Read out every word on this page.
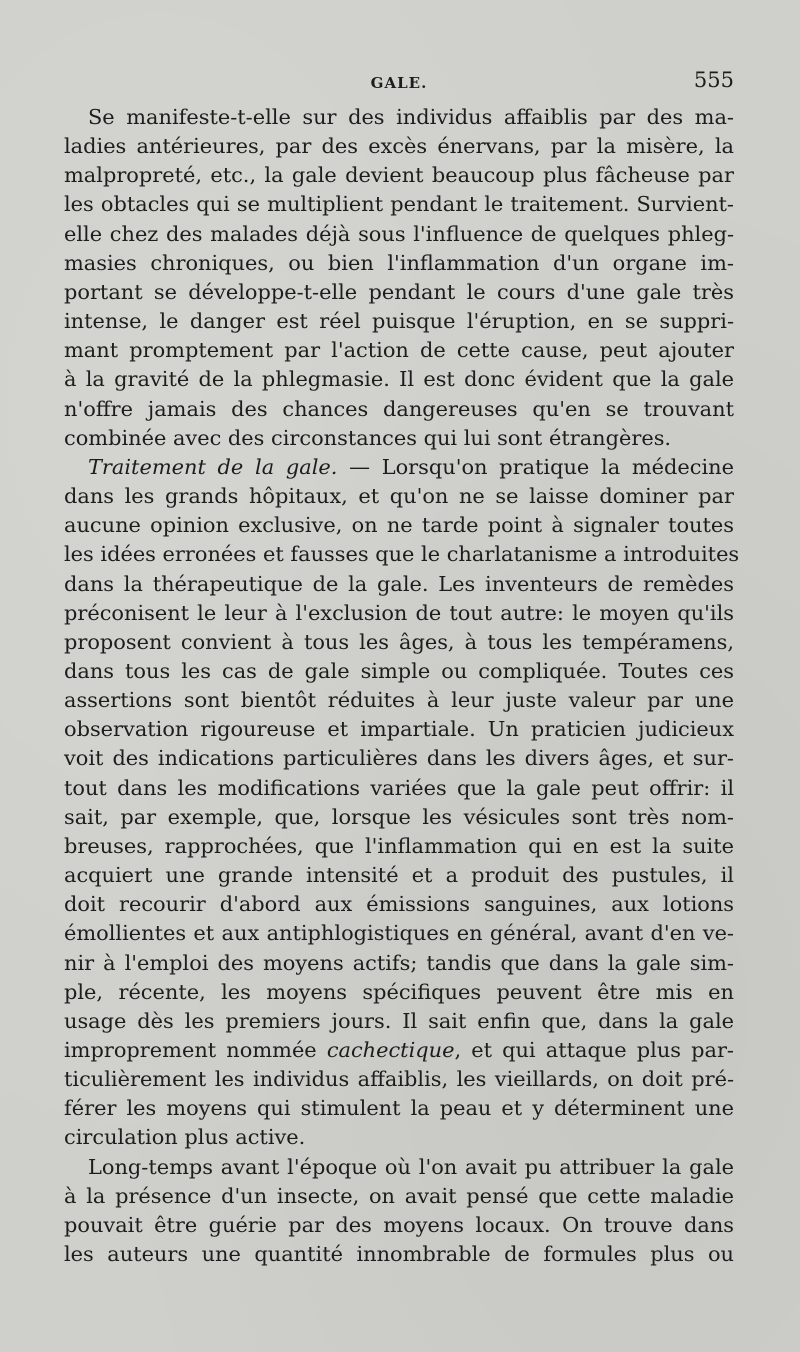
GALE.	555
Se manifeste-t-elle sur des individus affaiblis par des ma-
ladies antérieures, par des excès énervans, par la misère, la
malpropreté, etc., la gale devient beaucoup plus fâcheuse par
les obtacles qui se multiplient pendant le traitement. Survient-
elle chez des malades déjà sous l'influence de quelques phleg-
masies chroniques, ou bien l'inflammation d'un organe im-
portant se développe-t-elle pendant le cours d'une gale très
intense, le danger est réel puisque l'éruption, en se suppri-
mant promptement par l'action de cette cause, peut ajouter
à la gravité de la phlegmasie. Il est donc évident que la gale
n'offre jamais des chances dangereuses qu'en se trouvant
combinée avec des circonstances qui lui sont étrangères.
Traitement de la gale. — Lorsqu'on pratique la médecine
dans les grands hôpitaux, et qu'on ne se laisse dominer par
aucune opinion exclusive, on ne tarde point à signaler toutes
les idées erronées et fausses que le charlatanisme a introduites
dans la thérapeutique de la gale. Les inventeurs de remèdes
préconisent le leur à l'exclusion de tout autre: le moyen qu'ils
proposent convient à tous les âges, à tous les tempéramens,
dans tous les cas de gale simple ou compliquée. Toutes ces
assertions sont bientôt réduites à leur juste valeur par une
observation rigoureuse et impartiale. Un praticien judicieux
voit des indications particulières dans les divers âges, et sur-
tout dans les modifications variées que la gale peut offrir: il
sait, par exemple, que, lorsque les vésicules sont très nom-
breuses, rapprochées, que l'inflammation qui en est la suite
acquiert une grande intensité et a produit des pustules, il
doit recourir d'abord aux émissions sanguines, aux lotions
émollientes et aux antiphlogistiques en général, avant d'en ve-
nir à l'emploi des moyens actifs; tandis que dans la gale sim-
ple, récente, les moyens spécifiques peuvent être mis en
usage dès les premiers jours. Il sait enfin que, dans la gale
improprement nommée cachectique, et qui attaque plus par-
ticulièrement les individus affaiblis, les vieillards, on doit pré-
férer les moyens qui stimulent la peau et y déterminent une
circulation plus active.
Long-temps avant l'époque où l'on avait pu attribuer la gale
à la présence d'un insecte, on avait pensé que cette maladie
pouvait être guérie par des moyens locaux. On trouve dans
les auteurs une quantité innombrable de formules plus ou
